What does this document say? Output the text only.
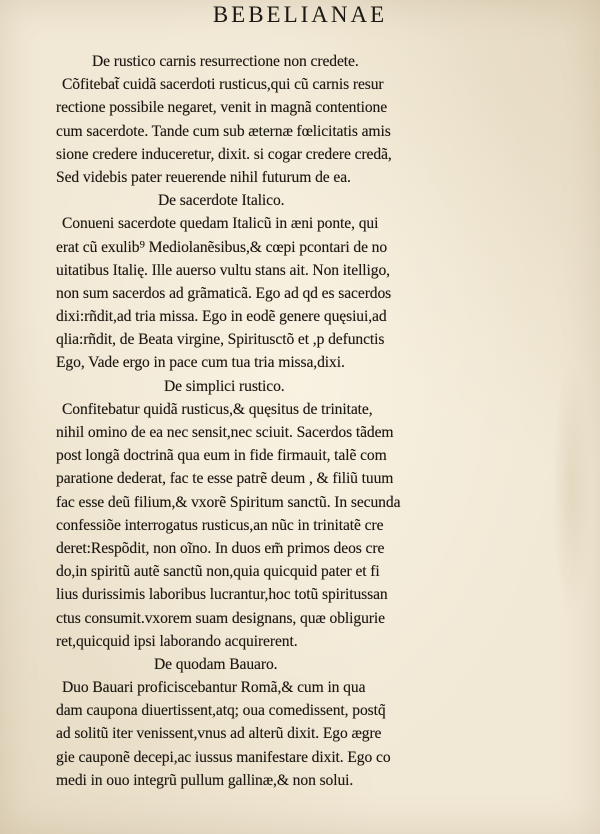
BEBELIANAE
De rustico carnis resurrectione non credete.
Cõfitebat̃ cuidã sacerdoti rusticus,qui cũ carnis resur
rectione possibile negaret, venit in magnã contentione
cum sacerdote. Tande cum sub æternæ fœlicitatis amis
sione credere induceretur, dixit. si cogar credere credã,
Sed videbis pater reuerende nihil futurum de ea.
De sacerdote Italico.
Conueni sacerdote quedam Italicũ in æni ponte, qui
erat cũ exulib⁹ Mediolanẽsibus,& cœpi pcontari de no
uitatibus Italię. Ille auerso vultu stans ait. Non itelligo,
non sum sacerdos ad grãmaticã. Ego ad qd es sacerdos
dixi:rñdit,ad tria missa. Ego in eodẽ genere quęsiui,ad
qlia:rñdit, de Beata virgine, Spiritusctõ et ,p defunctis
Ego, Vade ergo in pace cum tua tria missa,dixi.
De simplici rustico.
Confitebatur quidã rusticus,& quęsitus de trinitate,
nihil omino de ea nec sensit,nec sciuit. Sacerdos tãdem
post longã doctrinã qua eum in fide firmauit, talẽ com
paratione dederat, fac te esse patrẽ deum , & filiũ tuum
fac esse deũ filium,& vxorẽ Spiritum sanctũ. In secunda
confessiõe interrogatus rusticus,an nũc in trinitatẽ cre
deret:Respõdit, non oĩno. In duos em̃ primos deos cre
do,in spiritũ autẽ sanctũ non,quia quicquid pater et fi
lius durissimis laboribus lucrantur,hoc totũ spiritussan
ctus consumit.vxorem suam designans, quæ obligurie
ret,quicquid ipsi laborando acquirerent.
De quodam Bauaro.
Duo Bauari proficiscebantur Romã,& cum in qua
dam caupona diuertissent,atq; oua comedissent, postq̃
ad solitũ iter venissent,vnus ad alterũ dixit. Ego ægre
gie cauponẽ decepi,ac iussus manifestare dixit. Ego co
medi in ouo integrũ pullum gallinæ,& non solui.
